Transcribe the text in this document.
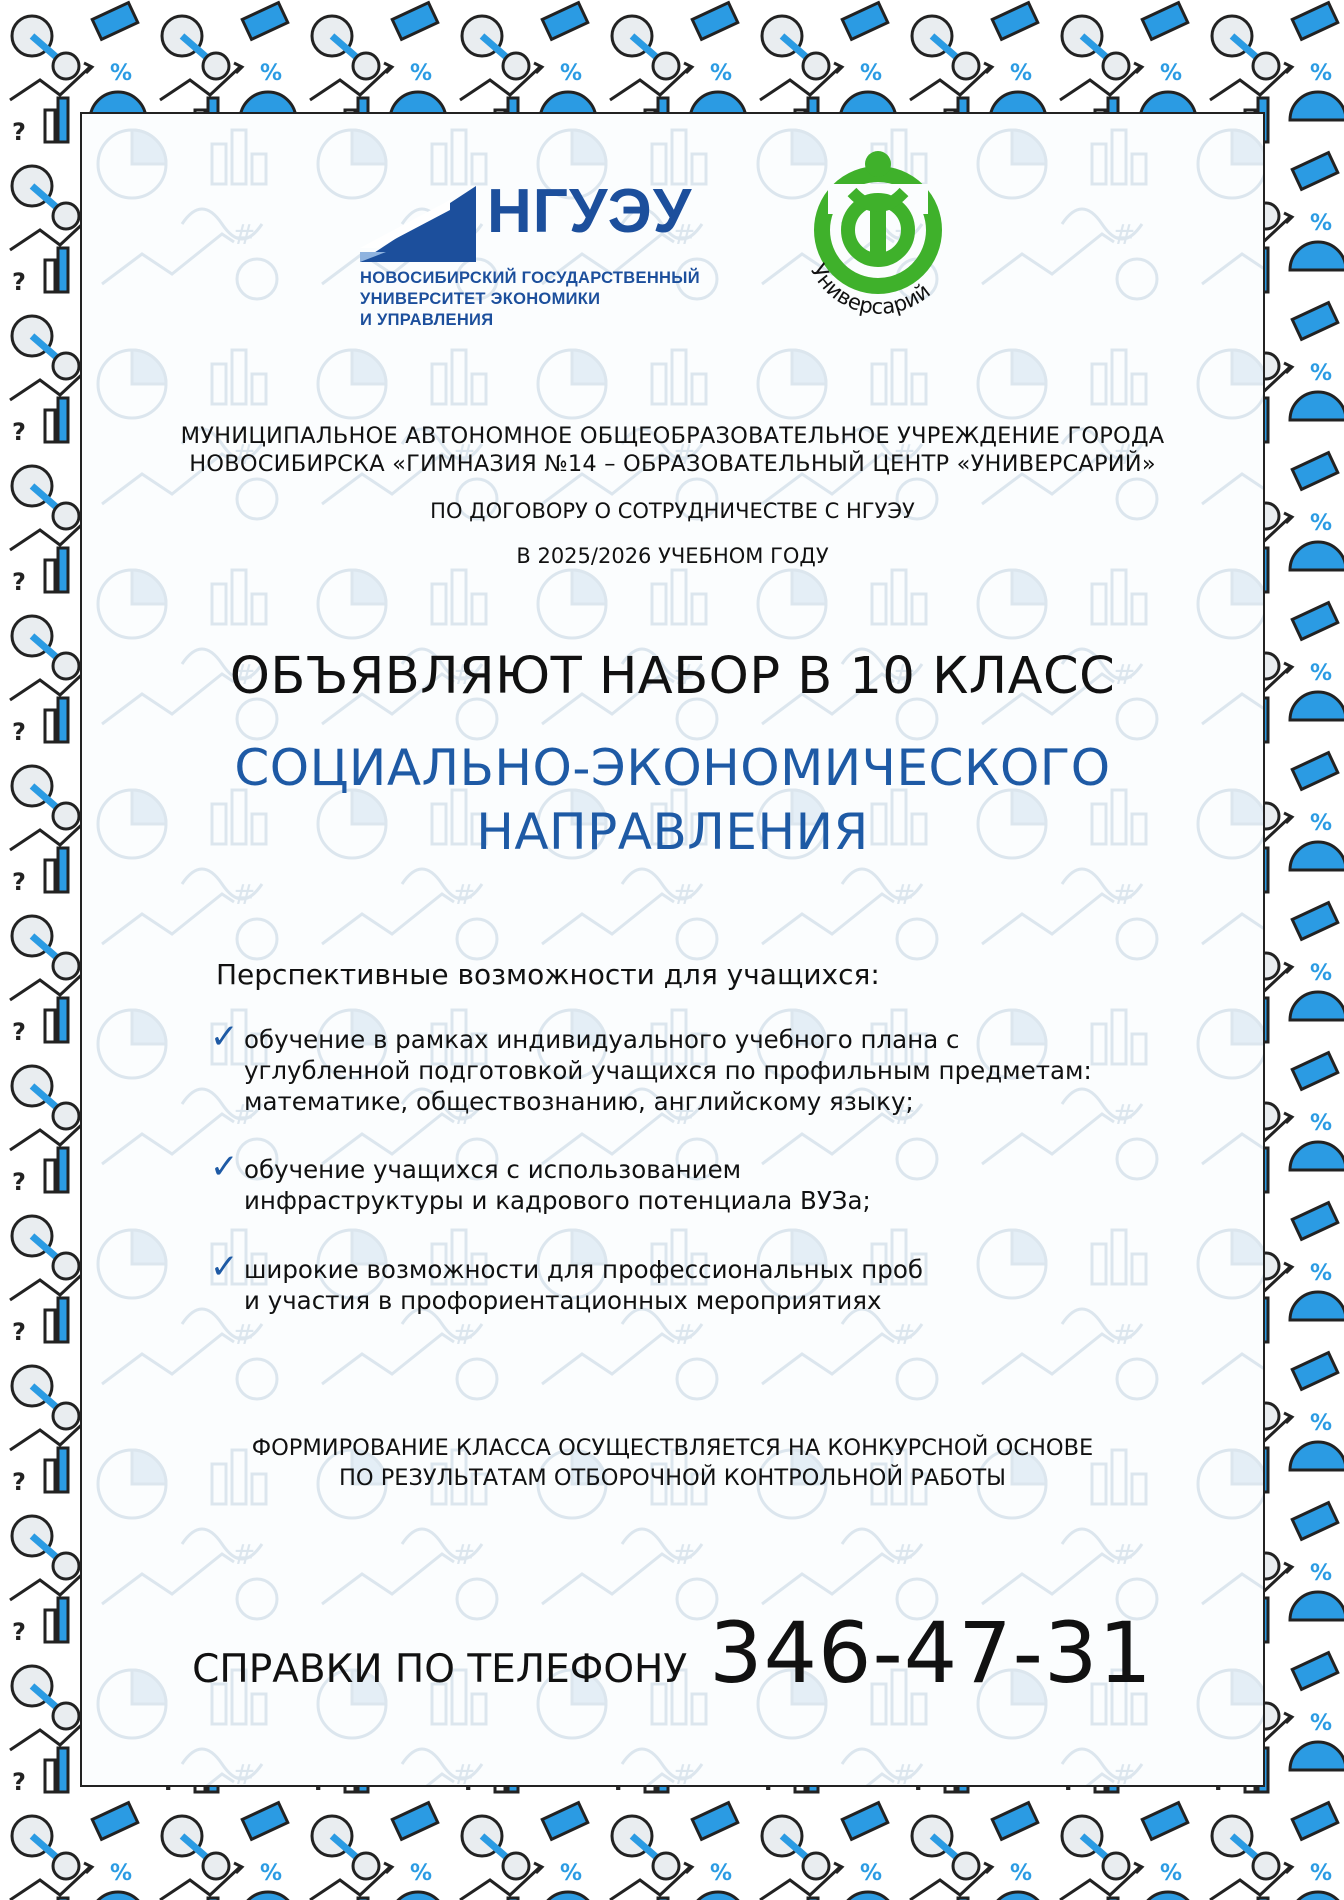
НГУЭУ
НОВОСИБИРСКИЙ ГОСУДАРСТВЕННЫЙ
УНИВЕРСИТЕТ ЭКОНОМИКИ
И УПРАВЛЕНИЯ
Универсарий
МУНИЦИПАЛЬНОЕ АВТОНОМНОЕ ОБЩЕОБРАЗОВАТЕЛЬНОЕ УЧРЕЖДЕНИЕ ГОРОДА
НОВОСИБИРСКА «ГИМНАЗИЯ №14 – ОБРАЗОВАТЕЛЬНЫЙ ЦЕНТР «УНИВЕРСАРИЙ»
ПО ДОГОВОРУ О СОТРУДНИЧЕСТВЕ С НГУЭУ
В 2025/2026 УЧЕБНОМ ГОДУ
ОБЪЯВЛЯЮТ НАБОР В 10 КЛАСС
СОЦИАЛЬНО-ЭКОНОМИЧЕСКОГО
НАПРАВЛЕНИЯ
Перспективные возможности для учащихся:
✓ обучение в рамках индивидуального учебного плана с
углубленной подготовкой учащихся по профильным предметам:
математике, обществознанию, английскому языку;
✓ обучение учащихся с использованием
инфраструктуры и кадрового потенциала ВУЗа;
✓ широкие возможности для профессиональных проб
и участия в профориентационных мероприятиях
ФОРМИРОВАНИЕ КЛАССА ОСУЩЕСТВЛЯЕТСЯ НА КОНКУРСНОЙ ОСНОВЕ
ПО РЕЗУЛЬТАТАМ ОТБОРОЧНОЙ КОНТРОЛЬНОЙ РАБОТЫ
СПРАВКИ ПО ТЕЛЕФОНУ 346-47-31
